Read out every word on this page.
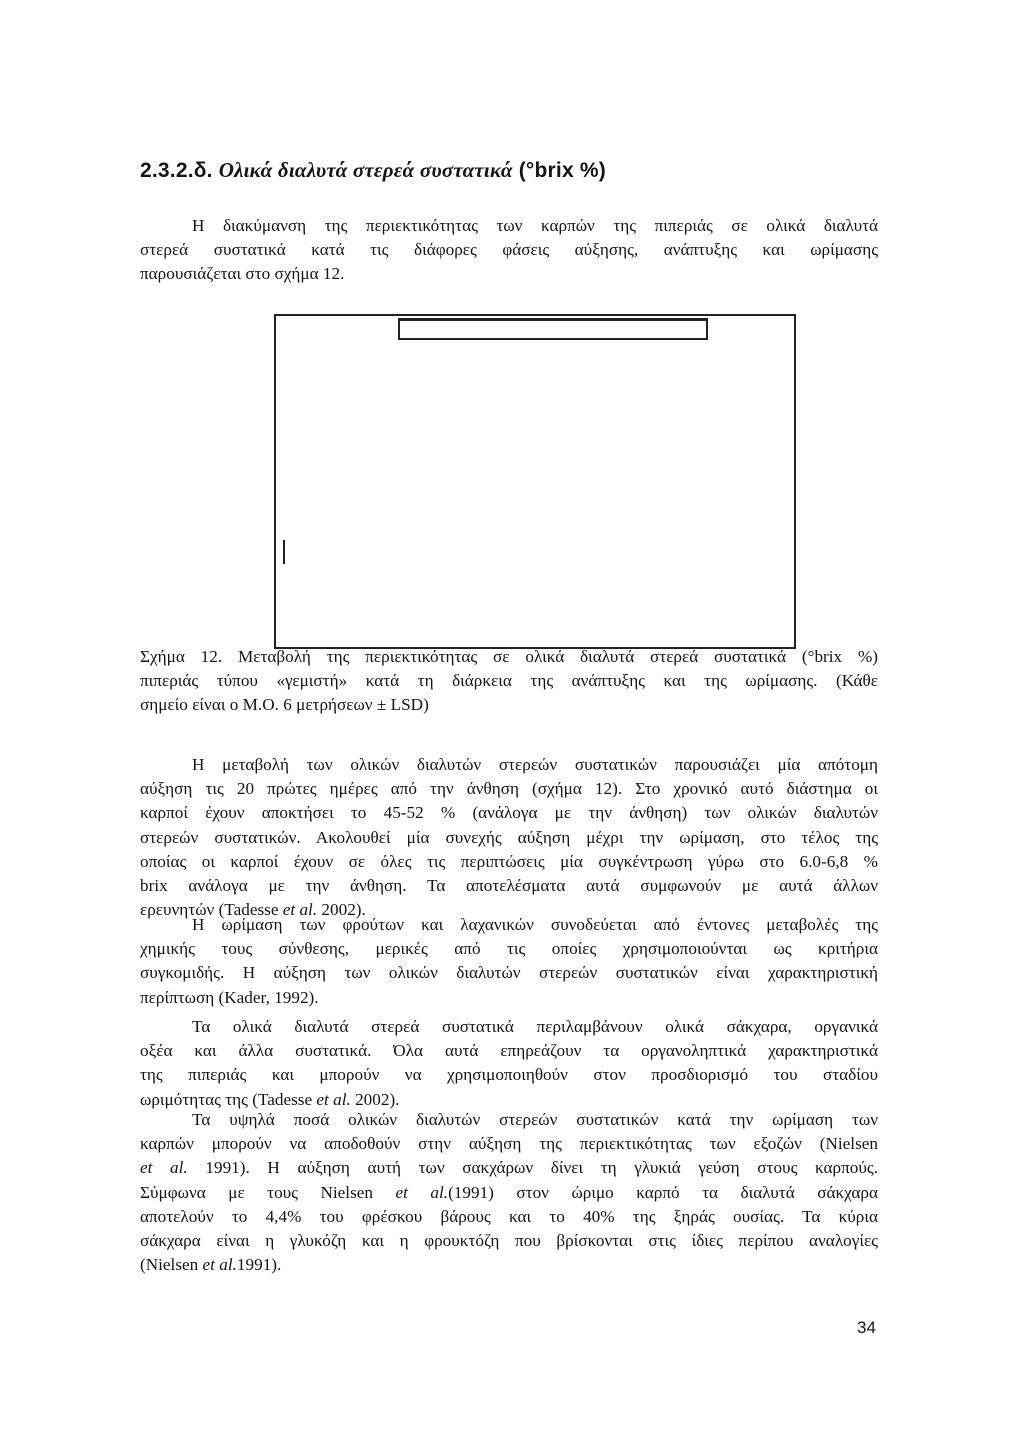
2.3.2.δ. Ολικά διαλυτά στερεά συστατικά (°brix %)
Η διακύμανση της περιεκτικότητας των καρπών της πιπεριάς σε ολικά διαλυτά
στερεά συστατικά κατά τις διάφορες φάσεις αύξησης, ανάπτυξης και ωρίμασης
παρουσιάζεται στο σχήμα 12.
Σχήμα 12. Μεταβολή της περιεκτικότητας σε ολικά διαλυτά στερεά συστατικά (°brix %)
πιπεριάς τύπου «γεμιστή» κατά τη διάρκεια της ανάπτυξης και της ωρίμασης. (Κάθε
σημείο είναι ο Μ.Ο. 6 μετρήσεων ± LSD)
Η μεταβολή των ολικών διαλυτών στερεών συστατικών παρουσιάζει μία απότομη
αύξηση τις 20 πρώτες ημέρες από την άνθηση (σχήμα 12). Στο χρονικό αυτό διάστημα οι
καρποί έχουν αποκτήσει το 45-52 % (ανάλογα με την άνθηση) των ολικών διαλυτών
στερεών συστατικών. Ακολουθεί μία συνεχής αύξηση μέχρι την ωρίμαση, στο τέλος της
οποίας οι καρποί έχουν σε όλες τις περιπτώσεις μία συγκέντρωση γύρω στο 6.0-6,8 %
brix ανάλογα με την άνθηση. Τα αποτελέσματα αυτά συμφωνούν με αυτά άλλων
ερευνητών (Tadesse et al. 2002).
Η ωρίμαση των φρούτων και λαχανικών συνοδεύεται από έντονες μεταβολές της
χημικής τους σύνθεσης, μερικές από τις οποίες χρησιμοποιούνται ως κριτήρια
συγκομιδής. Η αύξηση των ολικών διαλυτών στερεών συστατικών είναι χαρακτηριστική
περίπτωση (Kader, 1992).
Τα ολικά διαλυτά στερεά συστατικά περιλαμβάνουν ολικά σάκχαρα, οργανικά
οξέα και άλλα συστατικά. Όλα αυτά επηρεάζουν τα οργανοληπτικά χαρακτηριστικά
της πιπεριάς και μπορούν να χρησιμοποιηθούν στον προσδιορισμό του σταδίου
ωριμότητας της (Tadesse et al. 2002).
Τα υψηλά ποσά ολικών διαλυτών στερεών συστατικών κατά την ωρίμαση των
καρπών μπορούν να αποδοθούν στην αύξηση της περιεκτικότητας των εξοζών (Nielsen
et al. 1991). Η αύξηση αυτή των σακχάρων δίνει τη γλυκιά γεύση στους καρπούς.
Σύμφωνα με τους Nielsen et al.(1991) στον ώριμο καρπό τα διαλυτά σάκχαρα
αποτελούν το 4,4% του φρέσκου βάρους και το 40% της ξηράς ουσίας. Τα κύρια
σάκχαρα είναι η γλυκόζη και η φρουκτόζη που βρίσκονται στις ίδιες περίπου αναλογίες
(Nielsen et al.1991).
34
